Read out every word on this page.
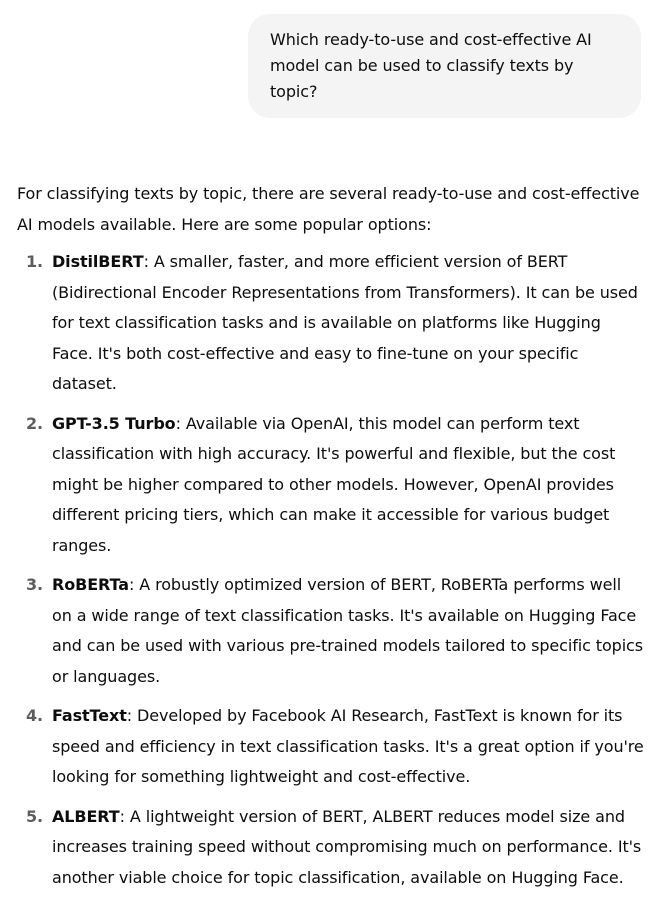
Which ready-to-use and cost-effective AI model can be used to classify texts by topic?

For classifying texts by topic, there are several ready-to-use and cost-effective AI models available. Here are some popular options:

1. DistilBERT: A smaller, faster, and more efficient version of BERT (Bidirectional Encoder Representations from Transformers). It can be used for text classification tasks and is available on platforms like Hugging Face. It's both cost-effective and easy to fine-tune on your specific dataset.
2. GPT-3.5 Turbo: Available via OpenAI, this model can perform text classification with high accuracy. It's powerful and flexible, but the cost might be higher compared to other models. However, OpenAI provides different pricing tiers, which can make it accessible for various budget ranges.
3. RoBERTa: A robustly optimized version of BERT, RoBERTa performs well on a wide range of text classification tasks. It's available on Hugging Face and can be used with various pre-trained models tailored to specific topics or languages.
4. FastText: Developed by Facebook AI Research, FastText is known for its speed and efficiency in text classification tasks. It's a great option if you're looking for something lightweight and cost-effective.
5. ALBERT: A lightweight version of BERT, ALBERT reduces model size and increases training speed without compromising much on performance. It's another viable choice for topic classification, available on Hugging Face.
